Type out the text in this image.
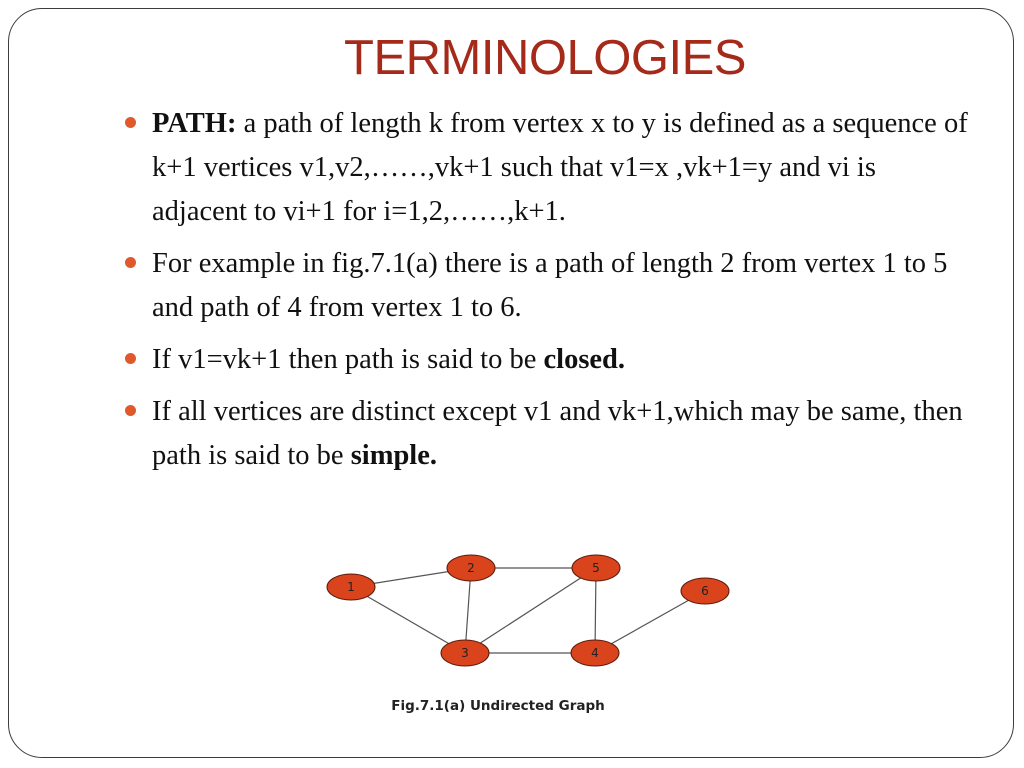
TERMINOLOGIES
PATH: a path of length k from vertex x to y is defined as a sequence of k+1 vertices v1,v2,……,vk+1 such that v1=x ,vk+1=y and vi is adjacent to vi+1 for i=1,2,……,k+1.
For example in fig.7.1(a) there is a path of length 2 from vertex 1 to 5 and path of 4 from vertex 1 to 6.
If v1=vk+1 then path is said to be closed.
If all vertices are distinct except v1 and vk+1,which may be same, then path is said to be simple.
1
2
3	4
5
6
Fig.7.1(a) Undirected Graph
